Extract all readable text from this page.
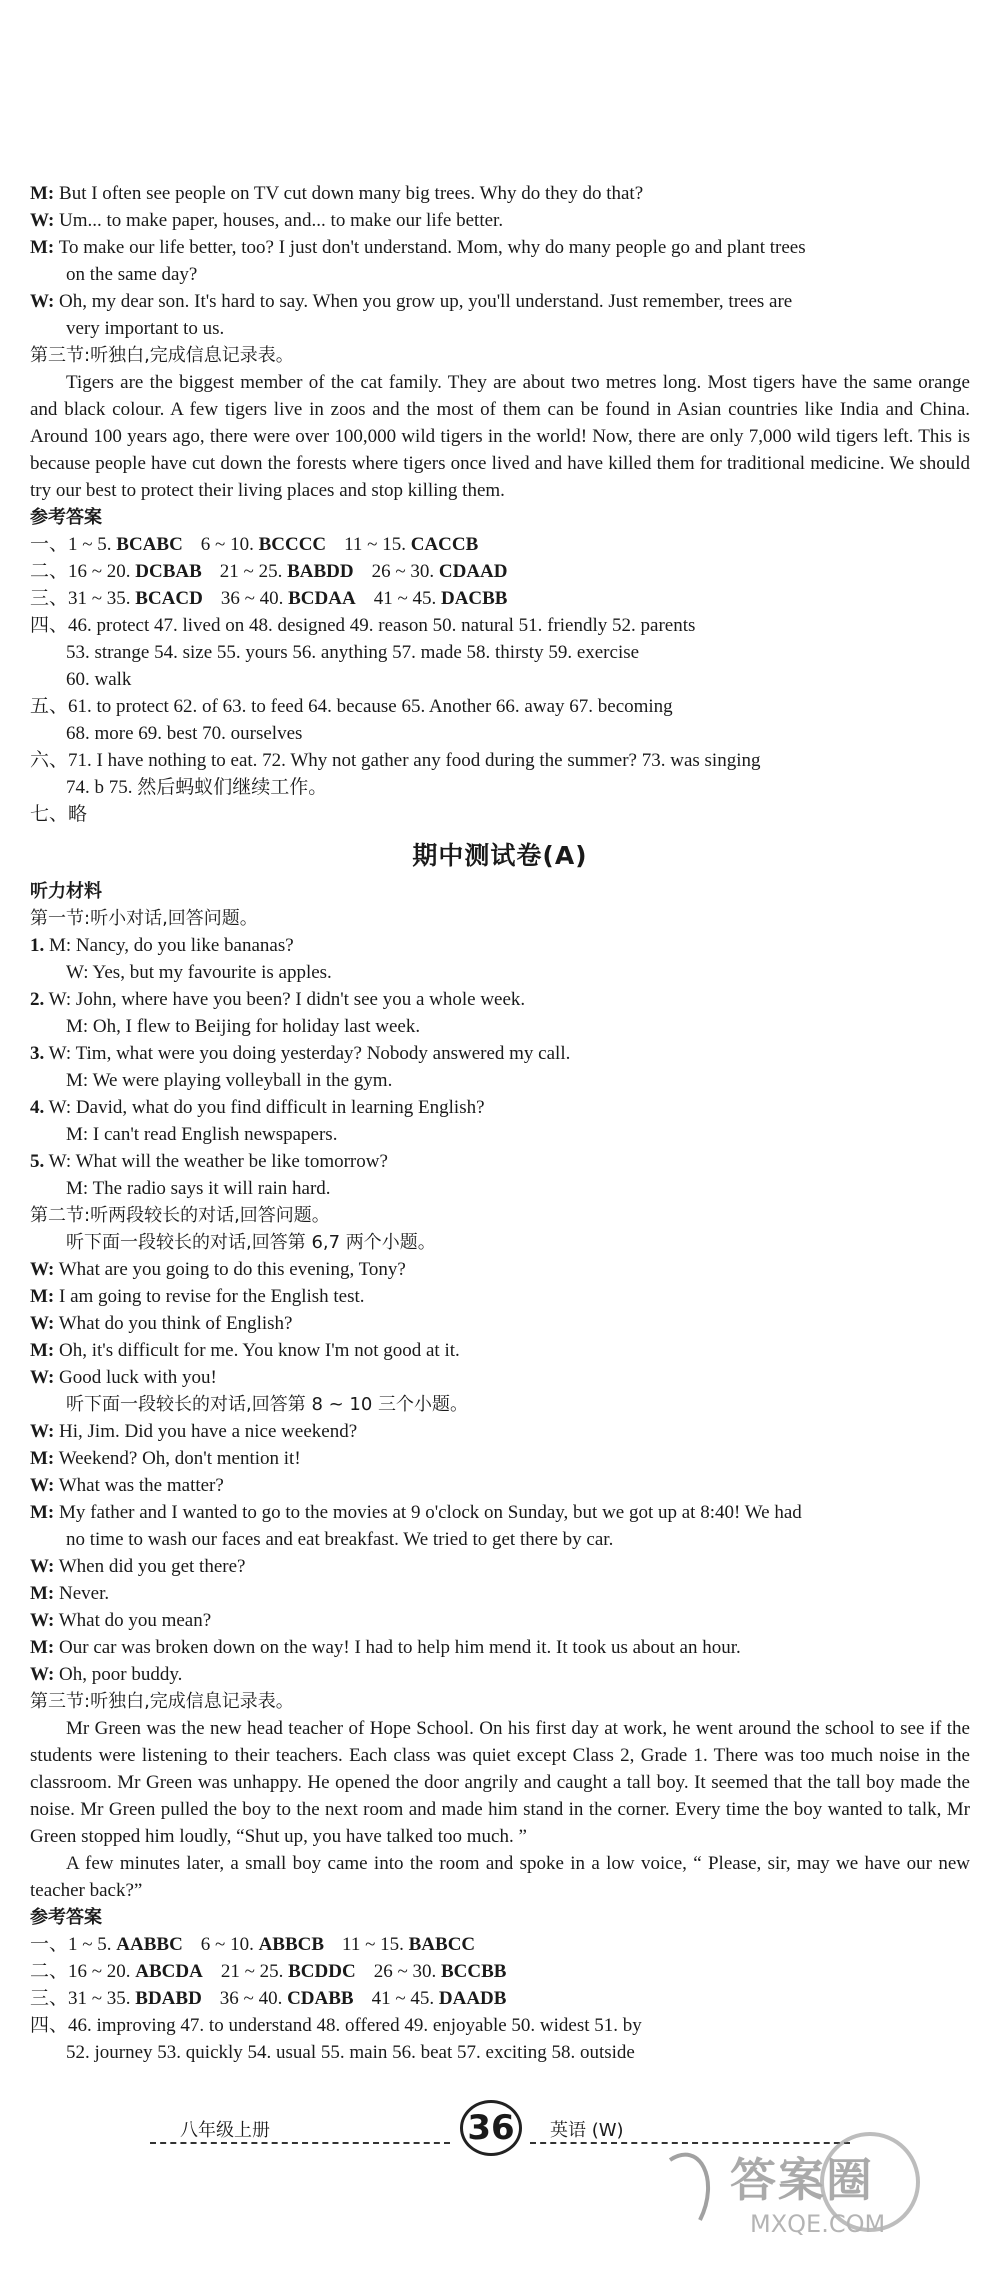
M: But I often see people on TV cut down many big trees. Why do they do that?
W: Um... to make paper, houses, and... to make our life better.
M: To make our life better, too? I just don't understand. Mom, why do many people go and plant trees
on the same day?
W: Oh, my dear son. It's hard to say. When you grow up, you'll understand. Just remember, trees are
very important to us.
第三节:听独白,完成信息记录表。
Tigers are the biggest member of the cat family. They are about two metres long. Most tigers have the same orange and black colour. A few tigers live in zoos and the most of them can be found in Asian countries like India and China. Around 100 years ago, there were over 100,000 wild tigers in the world! Now, there are only 7,000 wild tigers left. This is because people have cut down the forests where tigers once lived and have killed them for traditional medicine. We should try our best to protect their living places and stop killing them.
参考答案
一、1 ~ 5. BCABC 6 ~ 10. BCCCC 11 ~ 15. CACCB
二、16 ~ 20. DCBAB 21 ~ 25. BABDD 26 ~ 30. CDAAD
三、31 ~ 35. BCACD 36 ~ 40. BCDAA 41 ~ 45. DACBB
四、46. protect 47. lived on 48. designed 49. reason 50. natural 51. friendly 52. parents
53. strange 54. size 55. yours 56. anything 57. made 58. thirsty 59. exercise
60. walk
五、61. to protect 62. of 63. to feed 64. because 65. Another 66. away 67. becoming
68. more 69. best 70. ourselves
六、71. I have nothing to eat. 72. Why not gather any food during the summer? 73. was singing
74. b 75. 然后蚂蚁们继续工作。
七、略
期中测试卷(A)
听力材料
第一节:听小对话,回答问题。
1. M: Nancy, do you like bananas?
W: Yes, but my favourite is apples.
2. W: John, where have you been? I didn't see you a whole week.
M: Oh, I flew to Beijing for holiday last week.
3. W: Tim, what were you doing yesterday? Nobody answered my call.
M: We were playing volleyball in the gym.
4. W: David, what do you find difficult in learning English?
M: I can't read English newspapers.
5. W: What will the weather be like tomorrow?
M: The radio says it will rain hard.
第二节:听两段较长的对话,回答问题。
听下面一段较长的对话,回答第 6,7 两个小题。
W: What are you going to do this evening, Tony?
M: I am going to revise for the English test.
W: What do you think of English?
M: Oh, it's difficult for me. You know I'm not good at it.
W: Good luck with you!
听下面一段较长的对话,回答第 8 ~ 10 三个小题。
W: Hi, Jim. Did you have a nice weekend?
M: Weekend? Oh, don't mention it!
W: What was the matter?
M: My father and I wanted to go to the movies at 9 o'clock on Sunday, but we got up at 8:40! We had
no time to wash our faces and eat breakfast. We tried to get there by car.
W: When did you get there?
M: Never.
W: What do you mean?
M: Our car was broken down on the way! I had to help him mend it. It took us about an hour.
W: Oh, poor buddy.
第三节:听独白,完成信息记录表。
Mr Green was the new head teacher of Hope School. On his first day at work, he went around the school to see if the students were listening to their teachers. Each class was quiet except Class 2, Grade 1. There was too much noise in the classroom. Mr Green was unhappy. He opened the door angrily and caught a tall boy. It seemed that the tall boy made the noise. Mr Green pulled the boy to the next room and made him stand in the corner. Every time the boy wanted to talk, Mr Green stopped him loudly, “Shut up, you have talked too much. ”
A few minutes later, a small boy came into the room and spoke in a low voice, “ Please, sir, may we have our new teacher back?”
参考答案
一、1 ~ 5. AABBC 6 ~ 10. ABBCB 11 ~ 15. BABCC
二、16 ~ 20. ABCDA 21 ~ 25. BCDDC 26 ~ 30. BCCBB
三、31 ~ 35. BDABD 36 ~ 40. CDABB 41 ~ 45. DAADB
四、46. improving 47. to understand 48. offered 49. enjoyable 50. widest 51. by
52. journey 53. quickly 54. usual 55. main 56. beat 57. exciting 58. outside
八年级上册	36	英语 (W)
答案圈
MXQE.COM
